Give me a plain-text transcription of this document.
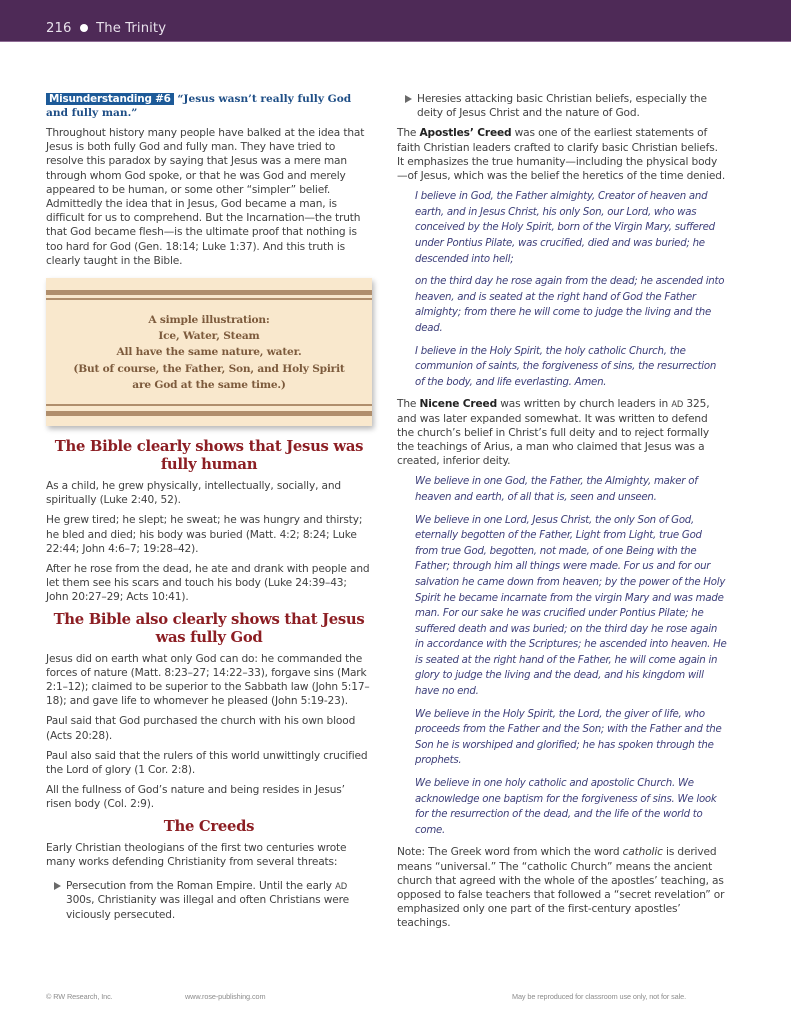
216 The Trinity
Misunderstanding #6 “Jesus wasn’t really fully God and fully man.”

Throughout history many people have balked at the idea that Jesus is both fully God and fully man. They have tried to resolve this paradox by saying that Jesus was a mere man through whom God spoke, or that he was God and merely appeared to be human, or some other “simpler” belief. Admittedly the idea that in Jesus, God became a man, is difficult for us to comprehend. But the Incarnation—the truth that God became flesh—is the ultimate proof that nothing is too hard for God (Gen. 18:14; Luke 1:37). And this truth is clearly taught in the Bible.

A simple illustration:
Ice, Water, Steam
All have the same nature, water.
(But of course, the Father, Son, and Holy Spirit
are God at the same time.)
The Bible clearly shows that Jesus was fully human

As a child, he grew physically, intellectually, socially, and spiritually (Luke 2:40, 52).

He grew tired; he slept; he sweat; he was hungry and thirsty; he bled and died; his body was buried (Matt. 4:2; 8:24; Luke 22:44; John 4:6–7; 19:28–42).

After he rose from the dead, he ate and drank with people and let them see his scars and touch his body (Luke 24:39–43; John 20:27–29; Acts 10:41).

The Bible also clearly shows that Jesus was fully God

Jesus did on earth what only God can do: he commanded the forces of nature (Matt. 8:23–27; 14:22–33), forgave sins (Mark 2:1–12); claimed to be superior to the Sabbath law (John 5:17–18); and gave life to whomever he pleased (John 5:19-23).

Paul said that God purchased the church with his own blood (Acts 20:28).

Paul also said that the rulers of this world unwittingly crucified the Lord of glory (1 Cor. 2:8).

All the fullness of God’s nature and being resides in Jesus’ risen body (Col. 2:9).

The Creeds

Early Christian theologians of the first two centuries wrote many works defending Christianity from several threats:

Persecution from the Roman Empire. Until the early AD 300s, Christianity was illegal and often Christians were viciously persecuted.
Heresies attacking basic Christian beliefs, especially the deity of Jesus Christ and the nature of God.

The Apostles’ Creed was one of the earliest statements of faith Christian leaders crafted to clarify basic Christian beliefs. It emphasizes the true humanity—including the physical body—of Jesus, which was the belief the heretics of the time denied.

I believe in God, the Father almighty, Creator of heaven and earth, and in Jesus Christ, his only Son, our Lord, who was conceived by the Holy Spirit, born of the Virgin Mary, suffered under Pontius Pilate, was crucified, died and was buried; he descended into hell;

on the third day he rose again from the dead; he ascended into heaven, and is seated at the right hand of God the Father almighty; from there he will come to judge the living and the dead.

I believe in the Holy Spirit, the holy catholic Church, the communion of saints, the forgiveness of sins, the resurrection of the body, and life everlasting. Amen.

The Nicene Creed was written by church leaders in AD 325, and was later expanded somewhat. It was written to defend the church’s belief in Christ’s full deity and to reject formally the teachings of Arius, a man who claimed that Jesus was a created, inferior deity.

We believe in one God, the Father, the Almighty, maker of heaven and earth, of all that is, seen and unseen.

We believe in one Lord, Jesus Christ, the only Son of God, eternally begotten of the Father, Light from Light, true God from true God, begotten, not made, of one Being with the Father; through him all things were made. For us and for our salvation he came down from heaven; by the power of the Holy Spirit he became incarnate from the virgin Mary and was made man. For our sake he was crucified under Pontius Pilate; he suffered death and was buried; on the third day he rose again in accordance with the Scriptures; he ascended into heaven. He is seated at the right hand of the Father, he will come again in glory to judge the living and the dead, and his kingdom will have no end.

We believe in the Holy Spirit, the Lord, the giver of life, who proceeds from the Father and the Son; with the Father and the Son he is worshiped and glorified; he has spoken through the prophets.

We believe in one holy catholic and apostolic Church. We acknowledge one baptism for the forgiveness of sins. We look for the resurrection of the dead, and the life of the world to come.

Note: The Greek word from which the word catholic is derived means “universal.” The “catholic Church” means the ancient church that agreed with the whole of the apostles’ teaching, as opposed to false teachers that followed a “secret revelation” or emphasized only one part of the first-century apostles’ teachings.

© RW Research, Inc.	www.rose-publishing.com	May be reproduced for classroom use only, not for sale.
